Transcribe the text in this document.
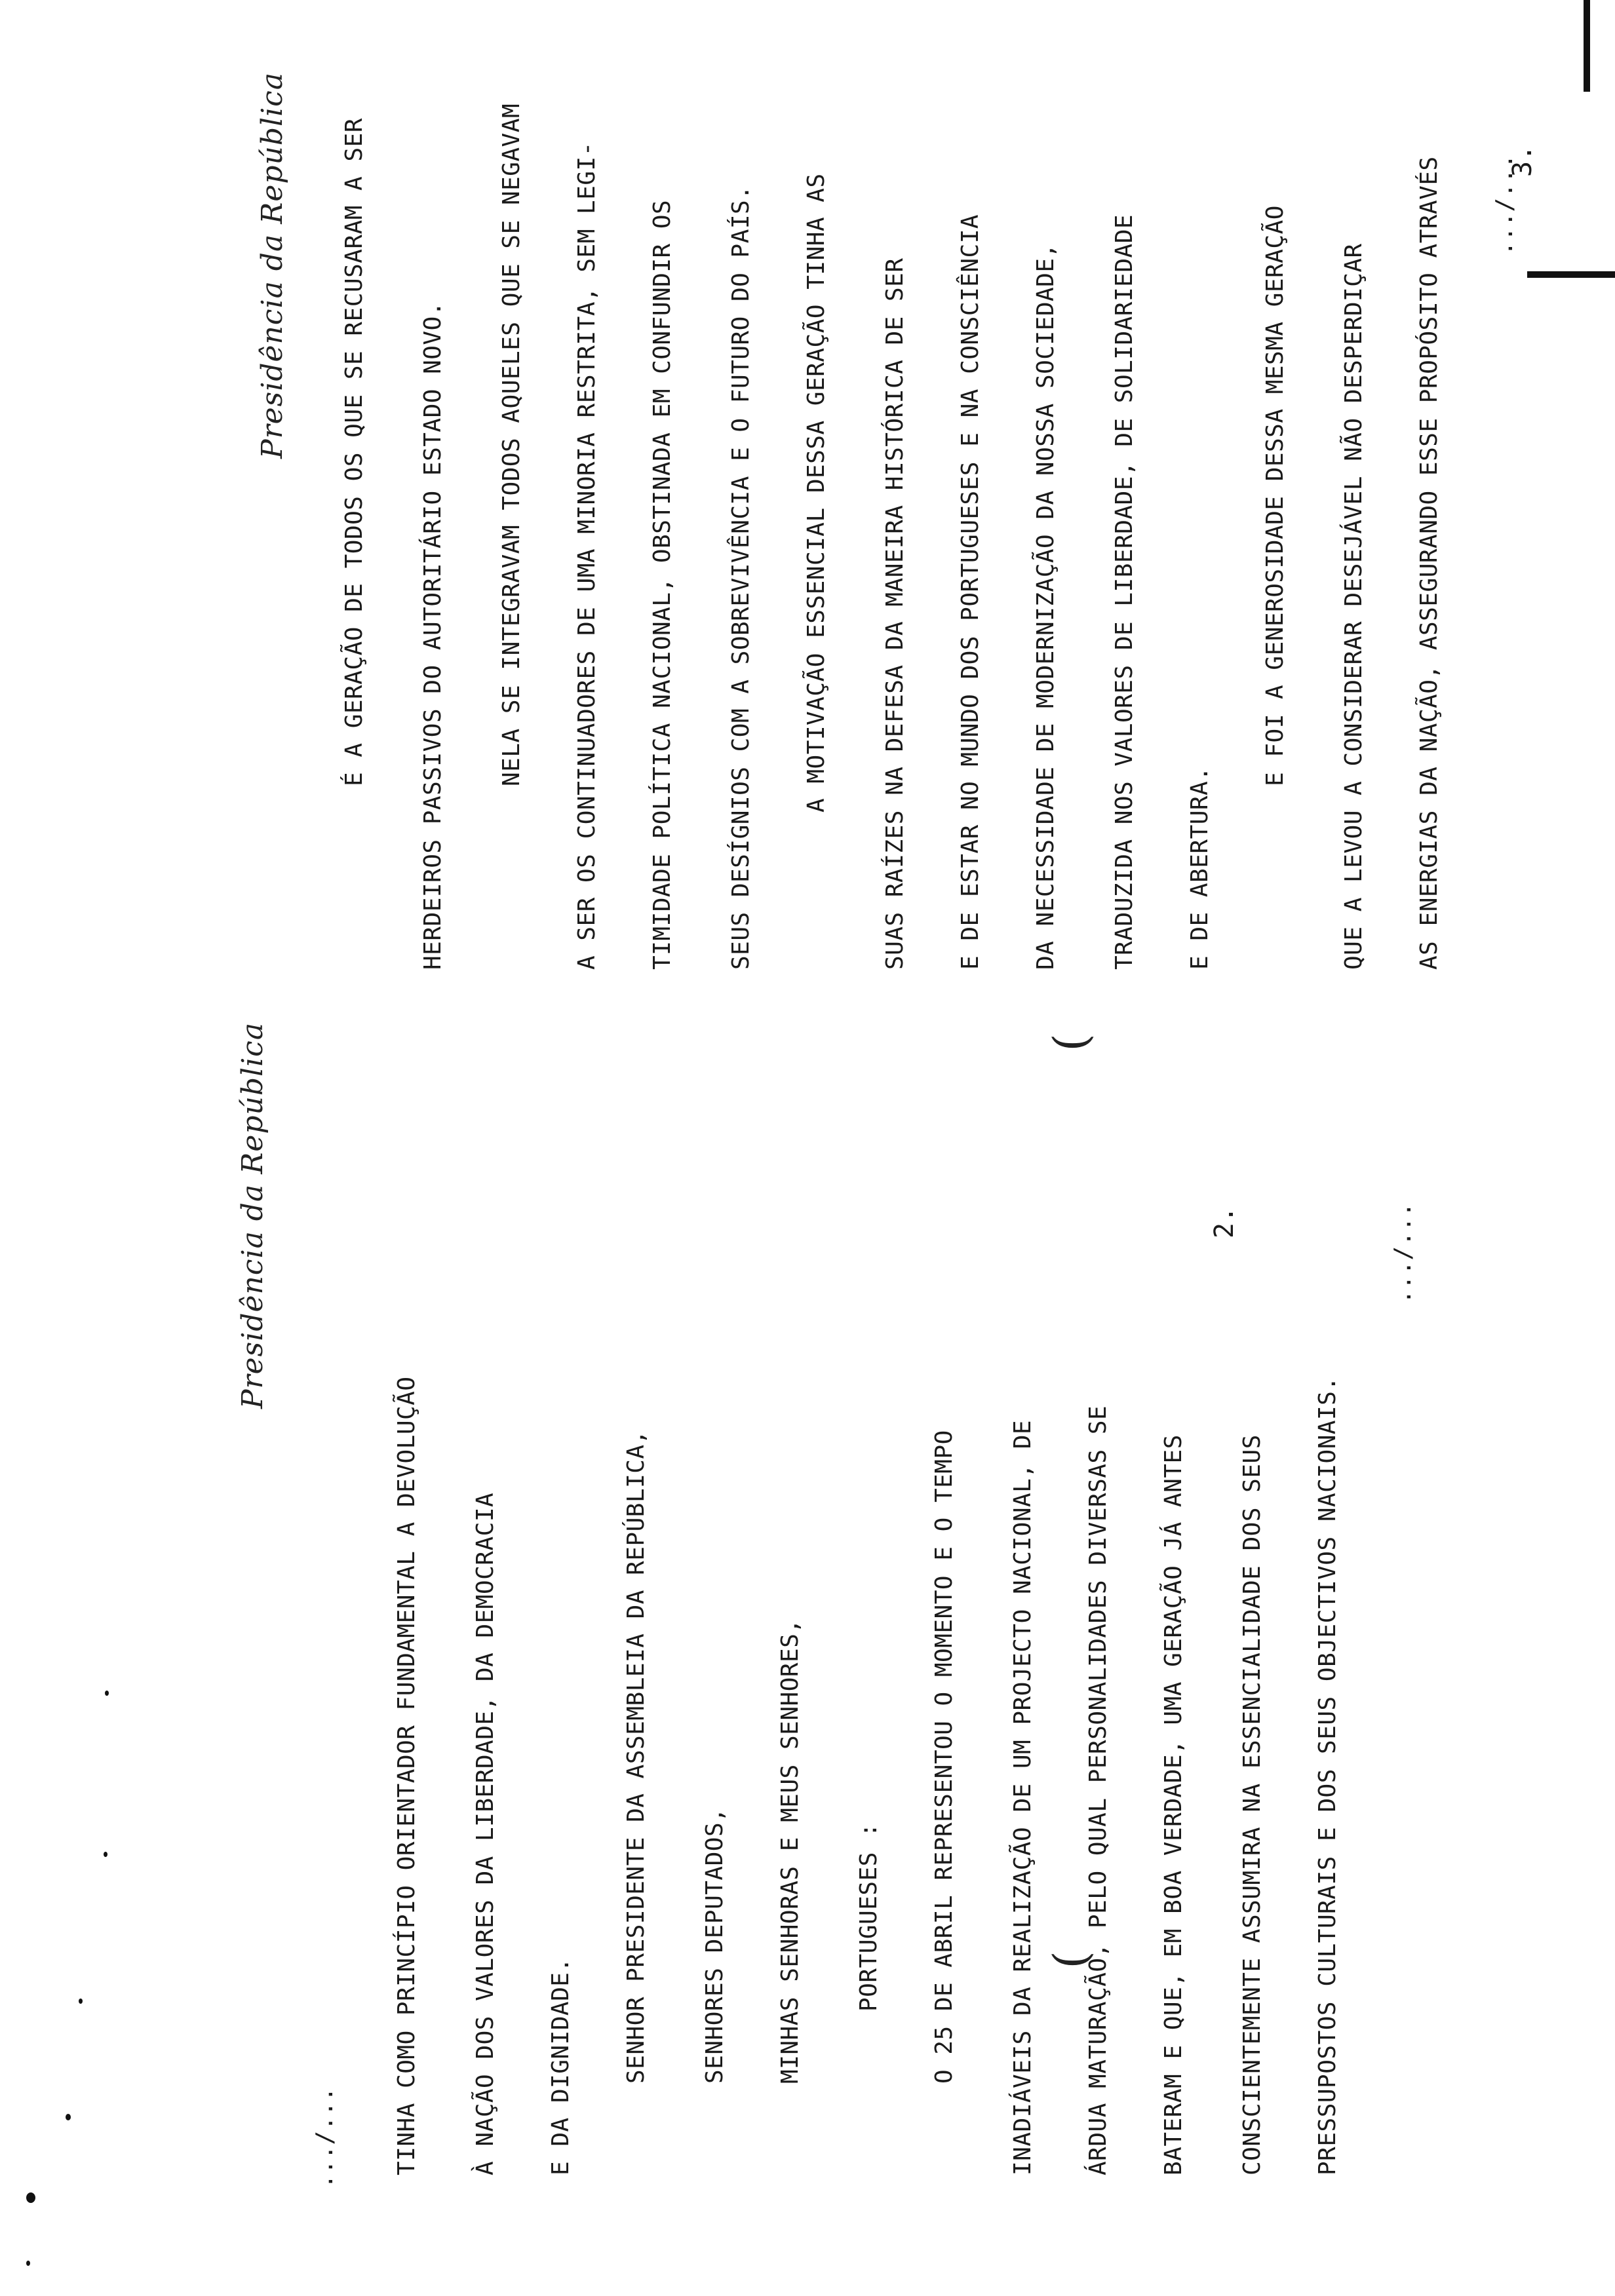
(
(
Presidência da República	2.
.../... TINHA COMO PRINCÍPIO ORIENTADOR FUNDAMENTAL A DEVOLUÇÃO À NAÇÃO DOS VALORES DA LIBERDADE, DA DEMOCRACIA E DA DIGNIDADE. SENHOR PRESIDENTE DA ASSEMBLEIA DA REPÚBLICA, SENHORES DEPUTADOS, MINHAS SENHORAS E MEUS SENHORES, PORTUGUESES : O 25 DE ABRIL REPRESENTOU O MOMENTO E O TEMPO INADIÁVEIS DA REALIZAÇÃO DE UM PROJECTO NACIONAL, DE ÁRDUA MATURAÇÃO, PELO QUAL PERSONALIDADES DIVERSAS SE BATERAM E QUE, EM BOA VERDADE, UMA GERAÇÃO JÁ ANTES CONSCIENTEMENTE ASSUMIRA NA ESSENCIALIDADE DOS SEUS PRESSUPOSTOS CULTURAIS E DOS SEUS OBJECTIVOS NACIONAIS.
.../...
Presidência da República	3.
É A GERAÇÃO DE TODOS OS QUE SE RECUSARAM A SER HERDEIROS PASSIVOS DO AUTORITÁRIO ESTADO NOVO. NELA SE INTEGRAVAM TODOS AQUELES QUE SE NEGAVAM A SER OS CONTINUADORES DE UMA MINORIA RESTRITA, SEM LEGI- TIMIDADE POLÍTICA NACIONAL, OBSTINADA EM CONFUNDIR OS SEUS DESÍGNIOS COM A SOBREVIVÊNCIA E O FUTURO DO PAÍS. A MOTIVAÇÃO ESSENCIAL DESSA GERAÇÃO TINHA AS SUAS RAÍZES NA DEFESA DA MANEIRA HISTÓRICA DE SER E DE ESTAR NO MUNDO DOS PORTUGUESES E NA CONSCIÊNCIA DA NECESSIDADE DE MODERNIZAÇÃO DA NOSSA SOCIEDADE, TRADUZIDA NOS VALORES DE LIBERDADE, DE SOLIDARIEDADE E DE ABERTURA.
E FOI A GENEROSIDADE DESSA MESMA GERAÇÃO QUE A LEVOU A CONSIDERAR DESEJÁVEL NÃO DESPERDIÇAR AS ENERGIAS DA NAÇÃO, ASSEGURANDO ESSE PROPÓSITO ATRAVÉS .../...
